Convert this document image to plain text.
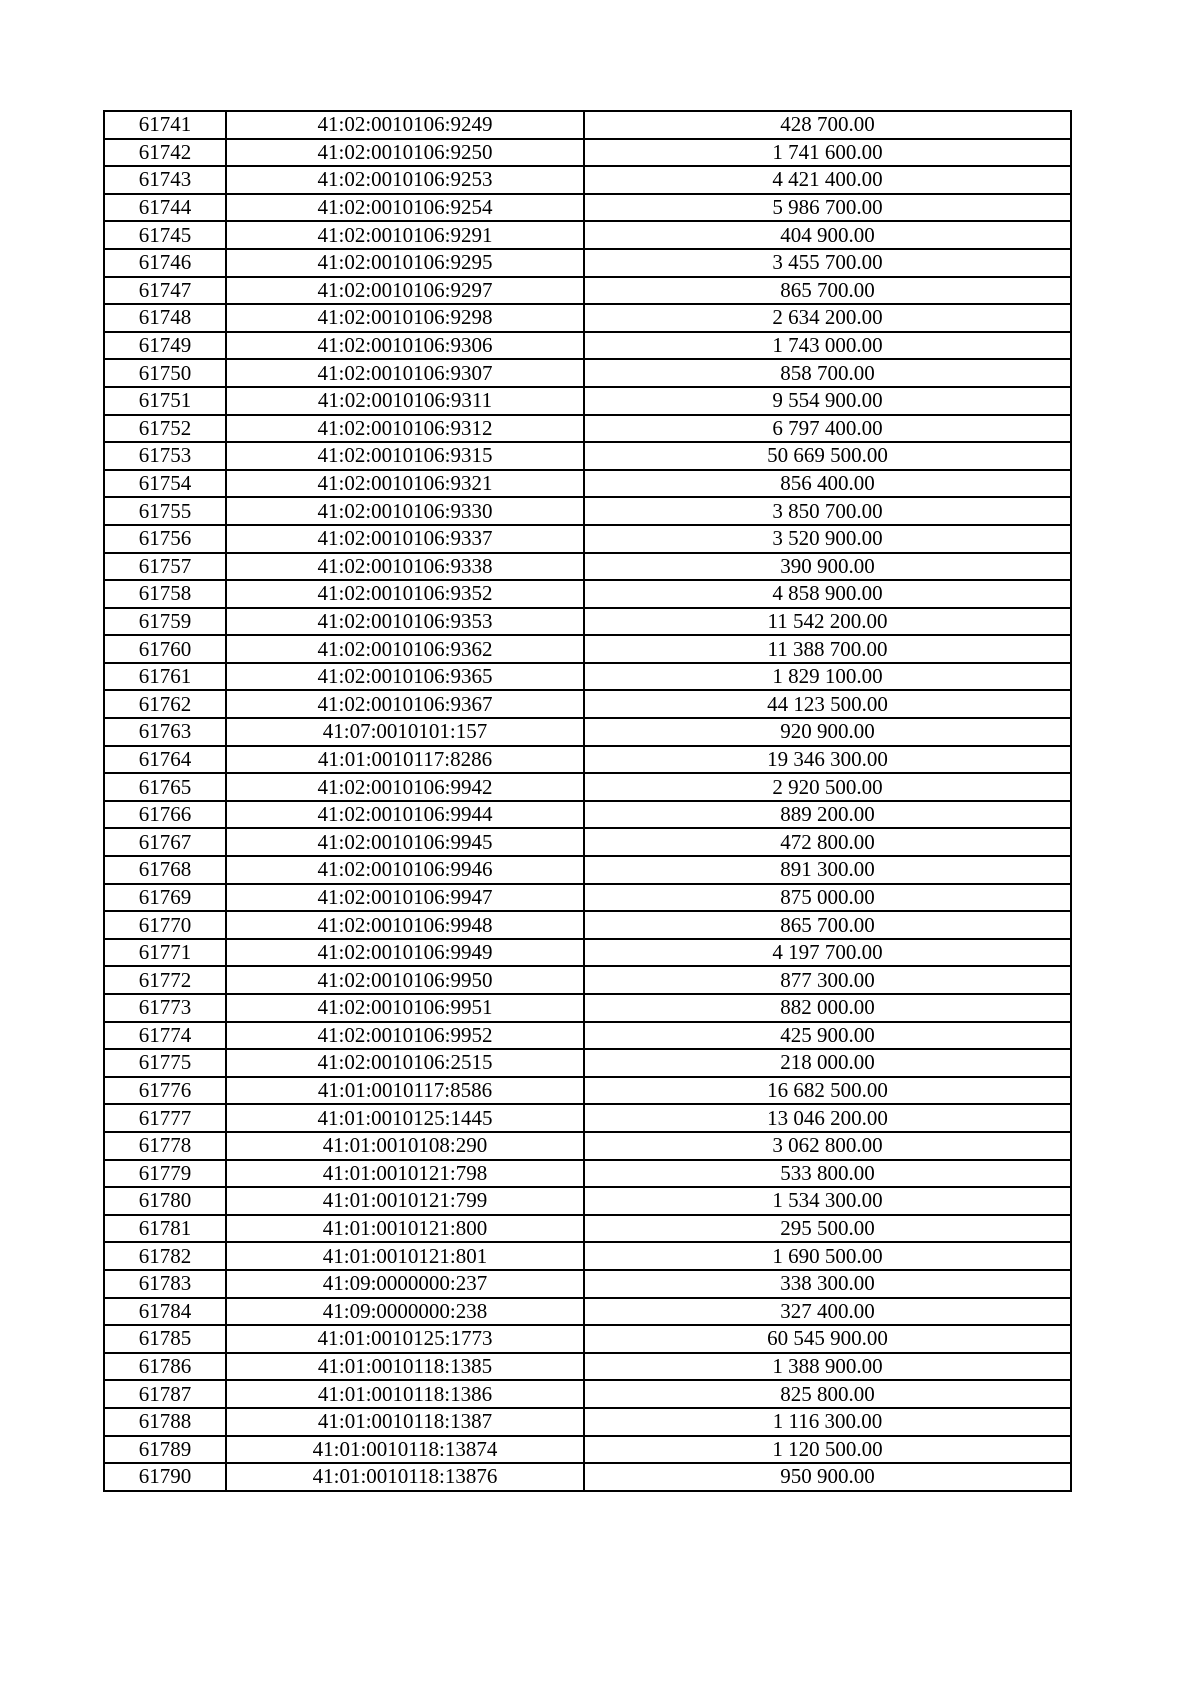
61741	41:02:0010106:9249	428 700.00
61742	41:02:0010106:9250	1 741 600.00
61743	41:02:0010106:9253	4 421 400.00
61744	41:02:0010106:9254	5 986 700.00
61745	41:02:0010106:9291	404 900.00
61746	41:02:0010106:9295	3 455 700.00
61747	41:02:0010106:9297	865 700.00
61748	41:02:0010106:9298	2 634 200.00
61749	41:02:0010106:9306	1 743 000.00
61750	41:02:0010106:9307	858 700.00
61751	41:02:0010106:9311	9 554 900.00
61752	41:02:0010106:9312	6 797 400.00
61753	41:02:0010106:9315	50 669 500.00
61754	41:02:0010106:9321	856 400.00
61755	41:02:0010106:9330	3 850 700.00
61756	41:02:0010106:9337	3 520 900.00
61757	41:02:0010106:9338	390 900.00
61758	41:02:0010106:9352	4 858 900.00
61759	41:02:0010106:9353	11 542 200.00
61760	41:02:0010106:9362	11 388 700.00
61761	41:02:0010106:9365	1 829 100.00
61762	41:02:0010106:9367	44 123 500.00
61763	41:07:0010101:157	920 900.00
61764	41:01:0010117:8286	19 346 300.00
61765	41:02:0010106:9942	2 920 500.00
61766	41:02:0010106:9944	889 200.00
61767	41:02:0010106:9945	472 800.00
61768	41:02:0010106:9946	891 300.00
61769	41:02:0010106:9947	875 000.00
61770	41:02:0010106:9948	865 700.00
61771	41:02:0010106:9949	4 197 700.00
61772	41:02:0010106:9950	877 300.00
61773	41:02:0010106:9951	882 000.00
61774	41:02:0010106:9952	425 900.00
61775	41:02:0010106:2515	218 000.00
61776	41:01:0010117:8586	16 682 500.00
61777	41:01:0010125:1445	13 046 200.00
61778	41:01:0010108:290	3 062 800.00
61779	41:01:0010121:798	533 800.00
61780	41:01:0010121:799	1 534 300.00
61781	41:01:0010121:800	295 500.00
61782	41:01:0010121:801	1 690 500.00
61783	41:09:0000000:237	338 300.00
61784	41:09:0000000:238	327 400.00
61785	41:01:0010125:1773	60 545 900.00
61786	41:01:0010118:1385	1 388 900.00
61787	41:01:0010118:1386	825 800.00
61788	41:01:0010118:1387	1 116 300.00
61789	41:01:0010118:13874	1 120 500.00
61790	41:01:0010118:13876	950 900.00
